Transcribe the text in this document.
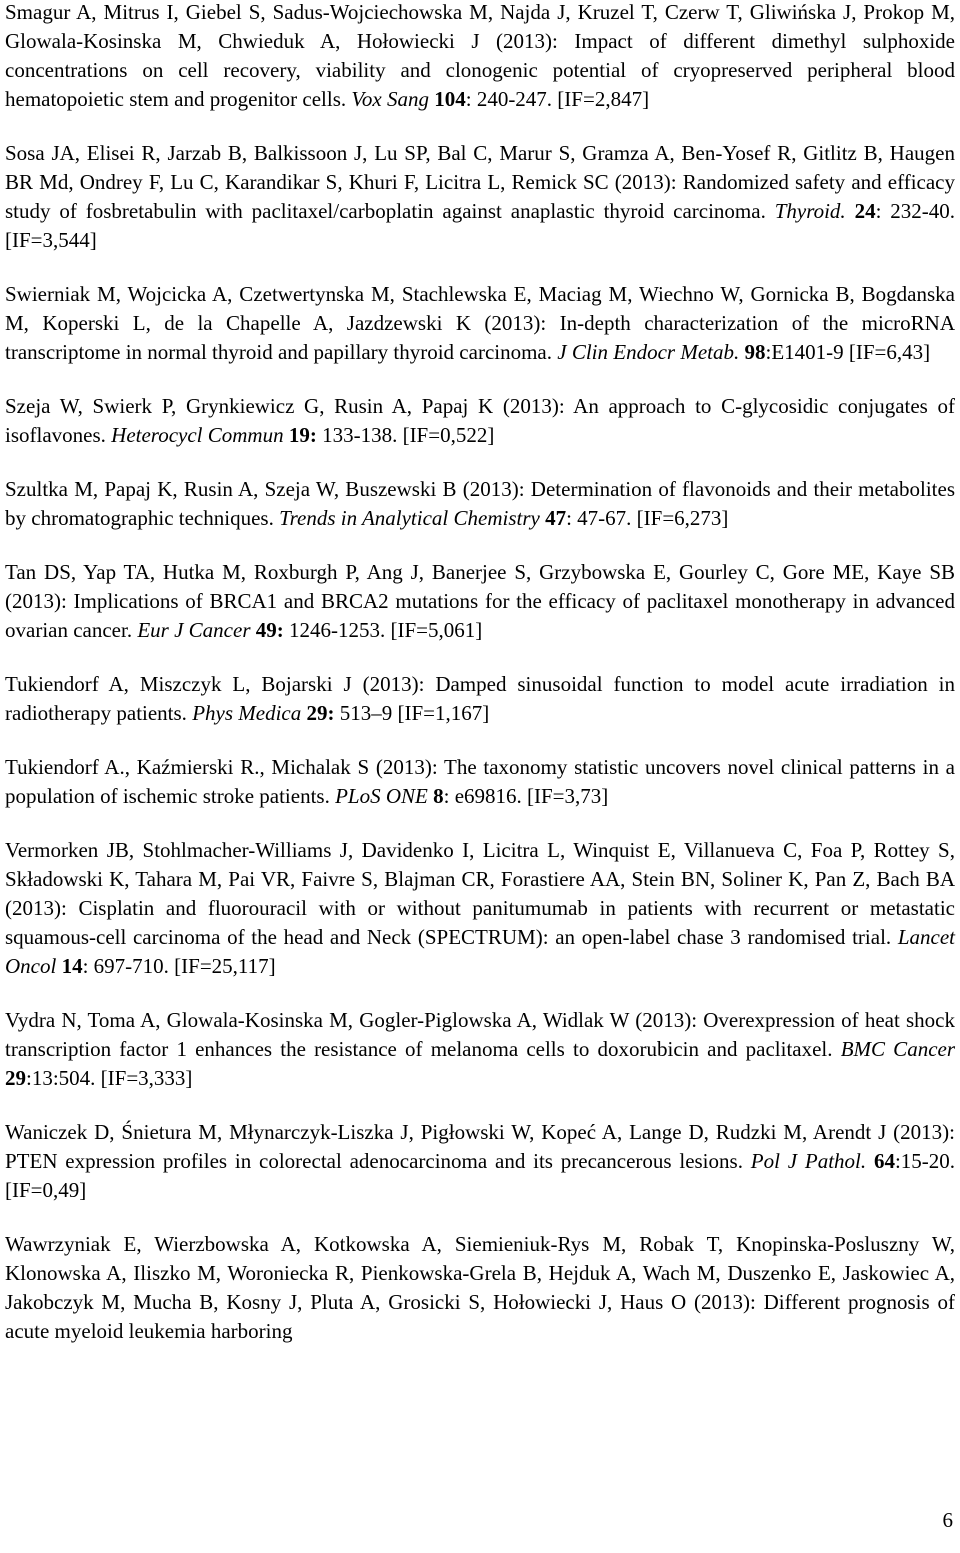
Smagur A, Mitrus I, Giebel S, Sadus-Wojciechowska M, Najda J, Kruzel T, Czerw T, Gliwińska J, Prokop M, Glowala-Kosinska M, Chwieduk A, Hołowiecki J (2013): Impact of different dimethyl sulphoxide concentrations on cell recovery, viability and clonogenic potential of cryopreserved peripheral blood hematopoietic stem and progenitor cells. Vox Sang 104: 240-247. [IF=2,847]

Sosa JA, Elisei R, Jarzab B, Balkissoon J, Lu SP, Bal C, Marur S, Gramza A, Ben-Yosef R, Gitlitz B, Haugen BR Md, Ondrey F, Lu C, Karandikar S, Khuri F, Licitra L, Remick SC (2013): Randomized safety and efficacy study of fosbretabulin with paclitaxel/carboplatin against anaplastic thyroid carcinoma. Thyroid. 24: 232-40. [IF=3,544]

Swierniak M, Wojcicka A, Czetwertynska M, Stachlewska E, Maciag M, Wiechno W, Gornicka B, Bogdanska M, Koperski L, de la Chapelle A, Jazdzewski K (2013): In-depth characterization of the microRNA transcriptome in normal thyroid and papillary thyroid carcinoma. J Clin Endocr Metab. 98:E1401-9 [IF=6,43]

Szeja W, Swierk P, Grynkiewicz G, Rusin A, Papaj K (2013): An approach to C-glycosidic conjugates of isoflavones. Heterocycl Commun 19: 133-138. [IF=0,522]

Szultka M, Papaj K, Rusin A, Szeja W, Buszewski B (2013): Determination of flavonoids and their metabolites by chromatographic techniques. Trends in Analytical Chemistry 47: 47-67. [IF=6,273]

Tan DS, Yap TA, Hutka M, Roxburgh P, Ang J, Banerjee S, Grzybowska E, Gourley C, Gore ME, Kaye SB (2013): Implications of BRCA1 and BRCA2 mutations for the efficacy of paclitaxel monotherapy in advanced ovarian cancer. Eur J Cancer 49: 1246-1253. [IF=5,061]

Tukiendorf A, Miszczyk L, Bojarski J (2013): Damped sinusoidal function to model acute irradiation in radiotherapy patients. Phys Medica 29: 513–9 [IF=1,167]

Tukiendorf A., Kaźmierski R., Michalak S (2013): The taxonomy statistic uncovers novel clinical patterns in a population of ischemic stroke patients. PLoS ONE 8: e69816. [IF=3,73]

Vermorken JB, Stohlmacher-Williams J, Davidenko I, Licitra L, Winquist E, Villanueva C, Foa P, Rottey S, Składowski K, Tahara M, Pai VR, Faivre S, Blajman CR, Forastiere AA, Stein BN, Soliner K, Pan Z, Bach BA (2013): Cisplatin and fluorouracil with or without panitumumab in patients with recurrent or metastatic squamous-cell carcinoma of the head and Neck (SPECTRUM): an open-label chase 3 randomised trial. Lancet Oncol 14: 697-710. [IF=25,117]

Vydra N, Toma A, Glowala-Kosinska M, Gogler-Piglowska A, Widlak W (2013): Overexpression of heat shock transcription factor 1 enhances the resistance of melanoma cells to doxorubicin and paclitaxel. BMC Cancer 29:13:504. [IF=3,333]

Waniczek D, Śnietura M, Młynarczyk-Liszka J, Pigłowski W, Kopeć A, Lange D, Rudzki M, Arendt J (2013): PTEN expression profiles in colorectal adenocarcinoma and its precancerous lesions. Pol J Pathol. 64:15-20. [IF=0,49]

Wawrzyniak E, Wierzbowska A, Kotkowska A, Siemieniuk-Rys M, Robak T, Knopinska-Posluszny W, Klonowska A, Iliszko M, Woroniecka R, Pienkowska-Grela B, Hejduk A, Wach M, Duszenko E, Jaskowiec A, Jakobczyk M, Mucha B, Kosny J, Pluta A, Grosicki S, Hołowiecki J, Haus O (2013): Different prognosis of acute myeloid leukemia harboring

6
